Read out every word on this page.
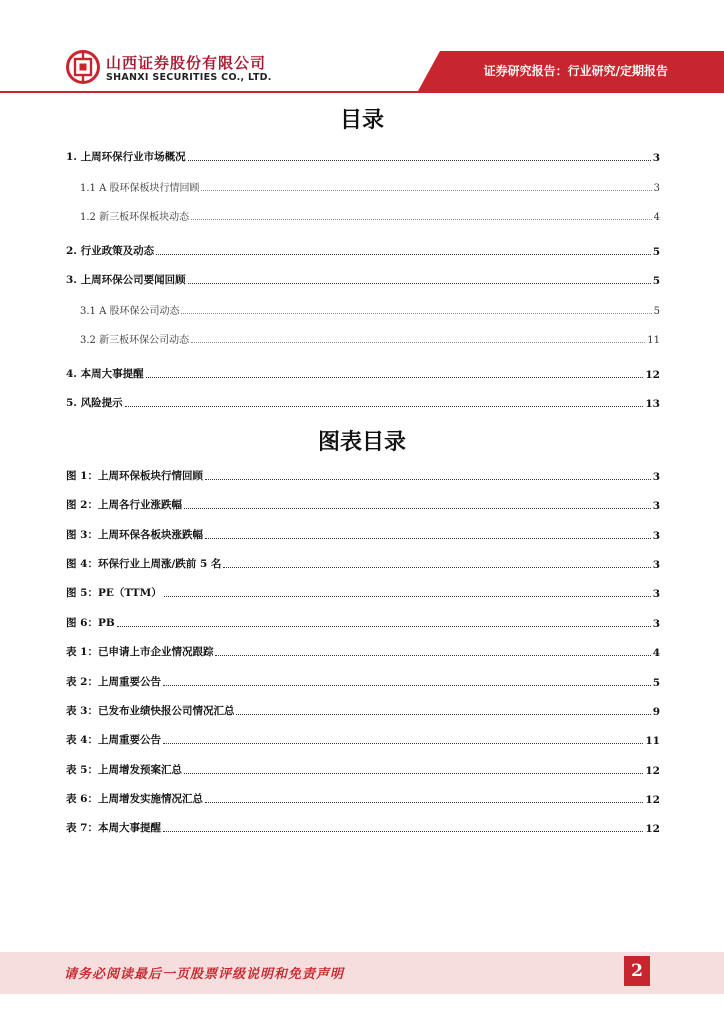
山西证券股份有限公司
SHANXI SECURITIES CO., LTD.	证券研究报告：行业研究/定期报告
目录
1. 上周环保行业市场概况	3
1.1 A 股环保板块行情回顾	3
1.2 新三板环保板块动态	4
2. 行业政策及动态	5
3. 上周环保公司要闻回顾	5
3.1 A 股环保公司动态	5
3.2 新三板环保公司动态	11
4. 本周大事提醒	12
5. 风险提示	13
图表目录
图 1：上周环保板块行情回顾	3
图 2：上周各行业涨跌幅	3
图 3：上周环保各板块涨跌幅	3
图 4：环保行业上周涨/跌前 5 名	3
图 5：PE（TTM）	3
图 6：PB	3
表 1：已申请上市企业情况跟踪	4
表 2：上周重要公告	5
表 3：已发布业绩快报公司情况汇总	9
表 4：上周重要公告	11
表 5：上周增发预案汇总	12
表 6：上周增发实施情况汇总	12
表 7：本周大事提醒	12
请务必阅读最后一页股票评级说明和免责声明	2
